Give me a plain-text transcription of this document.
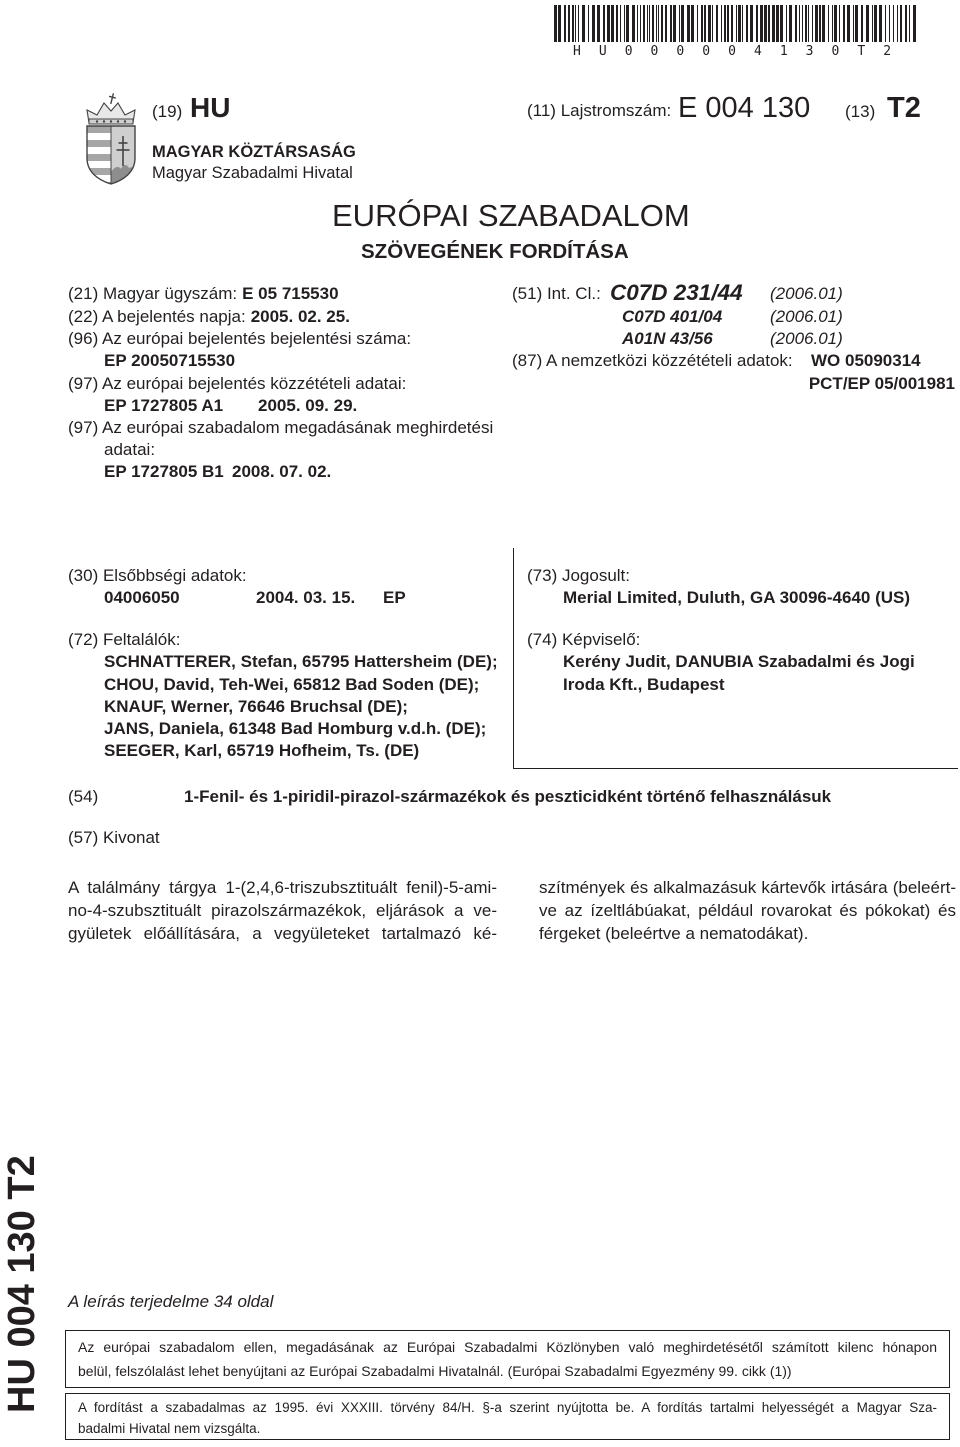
H U 0 0 0 0 0 4 1 3 0 T 2
(19) HU	(11) Lajstromszám: E 004 130 (13) T2
MAGYAR KÖZTÁRSASÁG
Magyar Szabadalmi Hivatal
EURÓPAI SZABADALOM
SZÖVEGÉNEK FORDÍTÁSA
(21) Magyar ügyszám: E 05 715530
(22) A bejelentés napja: 2005. 02. 25.
(96) Az európai bejelentés bejelentési száma:
EP 20050715530
(97) Az európai bejelentés közzétételi adatai:
EP 1727805 A1 2005. 09. 29.
(97) Az európai szabadalom megadásának meghirdetési
adatai:
EP 1727805 B1 2008. 07. 02.
(51) Int. Cl.: C07D 231/44 (2006.01)
C07D 401/04	(2006.01)
A01N 43/56	(2006.01)
(87) A nemzetközi közzétételi adatok: WO 05090314
PCT/EP 05/001981
(30) Elsőbbségi adatok:
04006050	2004. 03. 15. EP
(72) Feltalálók:
SCHNATTERER, Stefan, 65795 Hattersheim (DE);
CHOU, David, Teh-Wei, 65812 Bad Soden (DE);
KNAUF, Werner, 76646 Bruchsal (DE);
JANS, Daniela, 61348 Bad Homburg v.d.h. (DE);
SEEGER, Karl, 65719 Hofheim, Ts. (DE)
(73) Jogosult:
Merial Limited, Duluth, GA 30096-4640 (US)
(74) Képviselő:
Kerény Judit, DANUBIA Szabadalmi és Jogi
Iroda Kft., Budapest
(54)	1-Fenil- és 1-piridil-pirazol-származékok és peszticidként történő felhasználásuk
(57) Kivonat
A találmány tárgya 1-(2,4,6-triszubsztituált fenil)-5-ami-
no-4-szubsztituált pirazolszármazékok, eljárások a ve-
gyületek előállítására, a vegyületeket tartalmazó ké-
szítmények és alkalmazásuk kártevők irtására (beleért-
ve az ízeltlábúakat, például rovarokat és pókokat) és
férgeket (beleértve a nematodákat).
HU 004 130 T2 A leírás terjedelme 34 oldal
Az európai szabadalom ellen, megadásának az Európai Szabadalmi Közlönyben való meghirdetésétől számított kilenc hónapon
belül, felszólalást lehet benyújtani az Európai Szabadalmi Hivatalnál. (Európai Szabadalmi Egyezmény 99. cikk (1))
A fordítást a szabadalmas az 1995. évi XXXIII. törvény 84/H. §-a szerint nyújtotta be. A fordítás tartalmi helyességét a Magyar Sza-
badalmi Hivatal nem vizsgálta.
